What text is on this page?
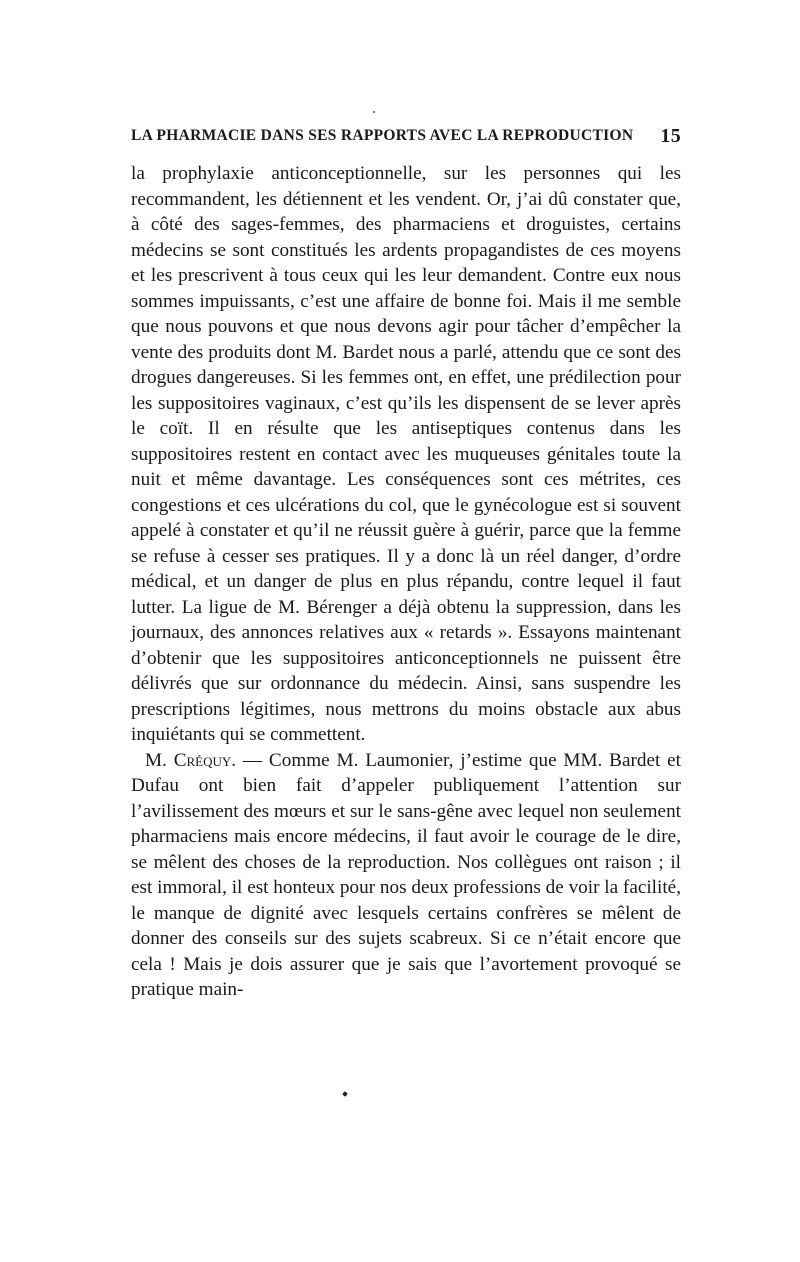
LA PHARMACIE DANS SES RAPPORTS AVEC LA REPRODUCTION 15

la prophylaxie anticonceptionnelle, sur les personnes qui les recommandent, les détiennent et les vendent. Or, j’ai dû constater que, à côté des sages-femmes, des pharmaciens et droguistes, certains médecins se sont constitués les ardents propagandistes de ces moyens et les prescrivent à tous ceux qui les leur demandent. Contre eux nous sommes impuissants, c’est une affaire de bonne foi. Mais il me semble que nous pouvons et que nous devons agir pour tâcher d’empêcher la vente des produits dont M. Bardet nous a parlé, attendu que ce sont des drogues dangereuses. Si les femmes ont, en effet, une prédilection pour les suppositoires vaginaux, c’est qu’ils les dispensent de se lever après le coït. Il en résulte que les antiseptiques contenus dans les suppositoires restent en contact avec les muqueuses génitales toute la nuit et même davantage. Les conséquences sont ces métrites, ces congestions et ces ulcérations du col, que le gynécologue est si souvent appelé à constater et qu’il ne réussit guère à guérir, parce que la femme se refuse à cesser ses pratiques. Il y a donc là un réel danger, d’ordre médical, et un danger de plus en plus répandu, contre lequel il faut lutter. La ligue de M. Bérenger a déjà obtenu la suppression, dans les journaux, des annonces relatives aux « retards ». Essayons maintenant d’obtenir que les suppositoires anticonceptionnels ne puissent être délivrés que sur ordonnance du médecin. Ainsi, sans suspendre les prescriptions légitimes, nous mettrons du moins obstacle aux abus inquiétants qui se commettent.

M. Créquy. — Comme M. Laumonier, j’estime que MM. Bardet et Dufau ont bien fait d’appeler publiquement l’attention sur l’avilissement des mœurs et sur le sans-gêne avec lequel non seulement pharmaciens mais encore médecins, il faut avoir le courage de le dire, se mêlent des choses de la reproduction. Nos collègues ont raison ; il est immoral, il est honteux pour nos deux professions de voir la facilité, le manque de dignité avec lesquels certains confrères se mêlent de donner des conseils sur des sujets scabreux. Si ce n’était encore que cela ! Mais je dois assurer que je sais que l’avortement provoqué se pratique main-
